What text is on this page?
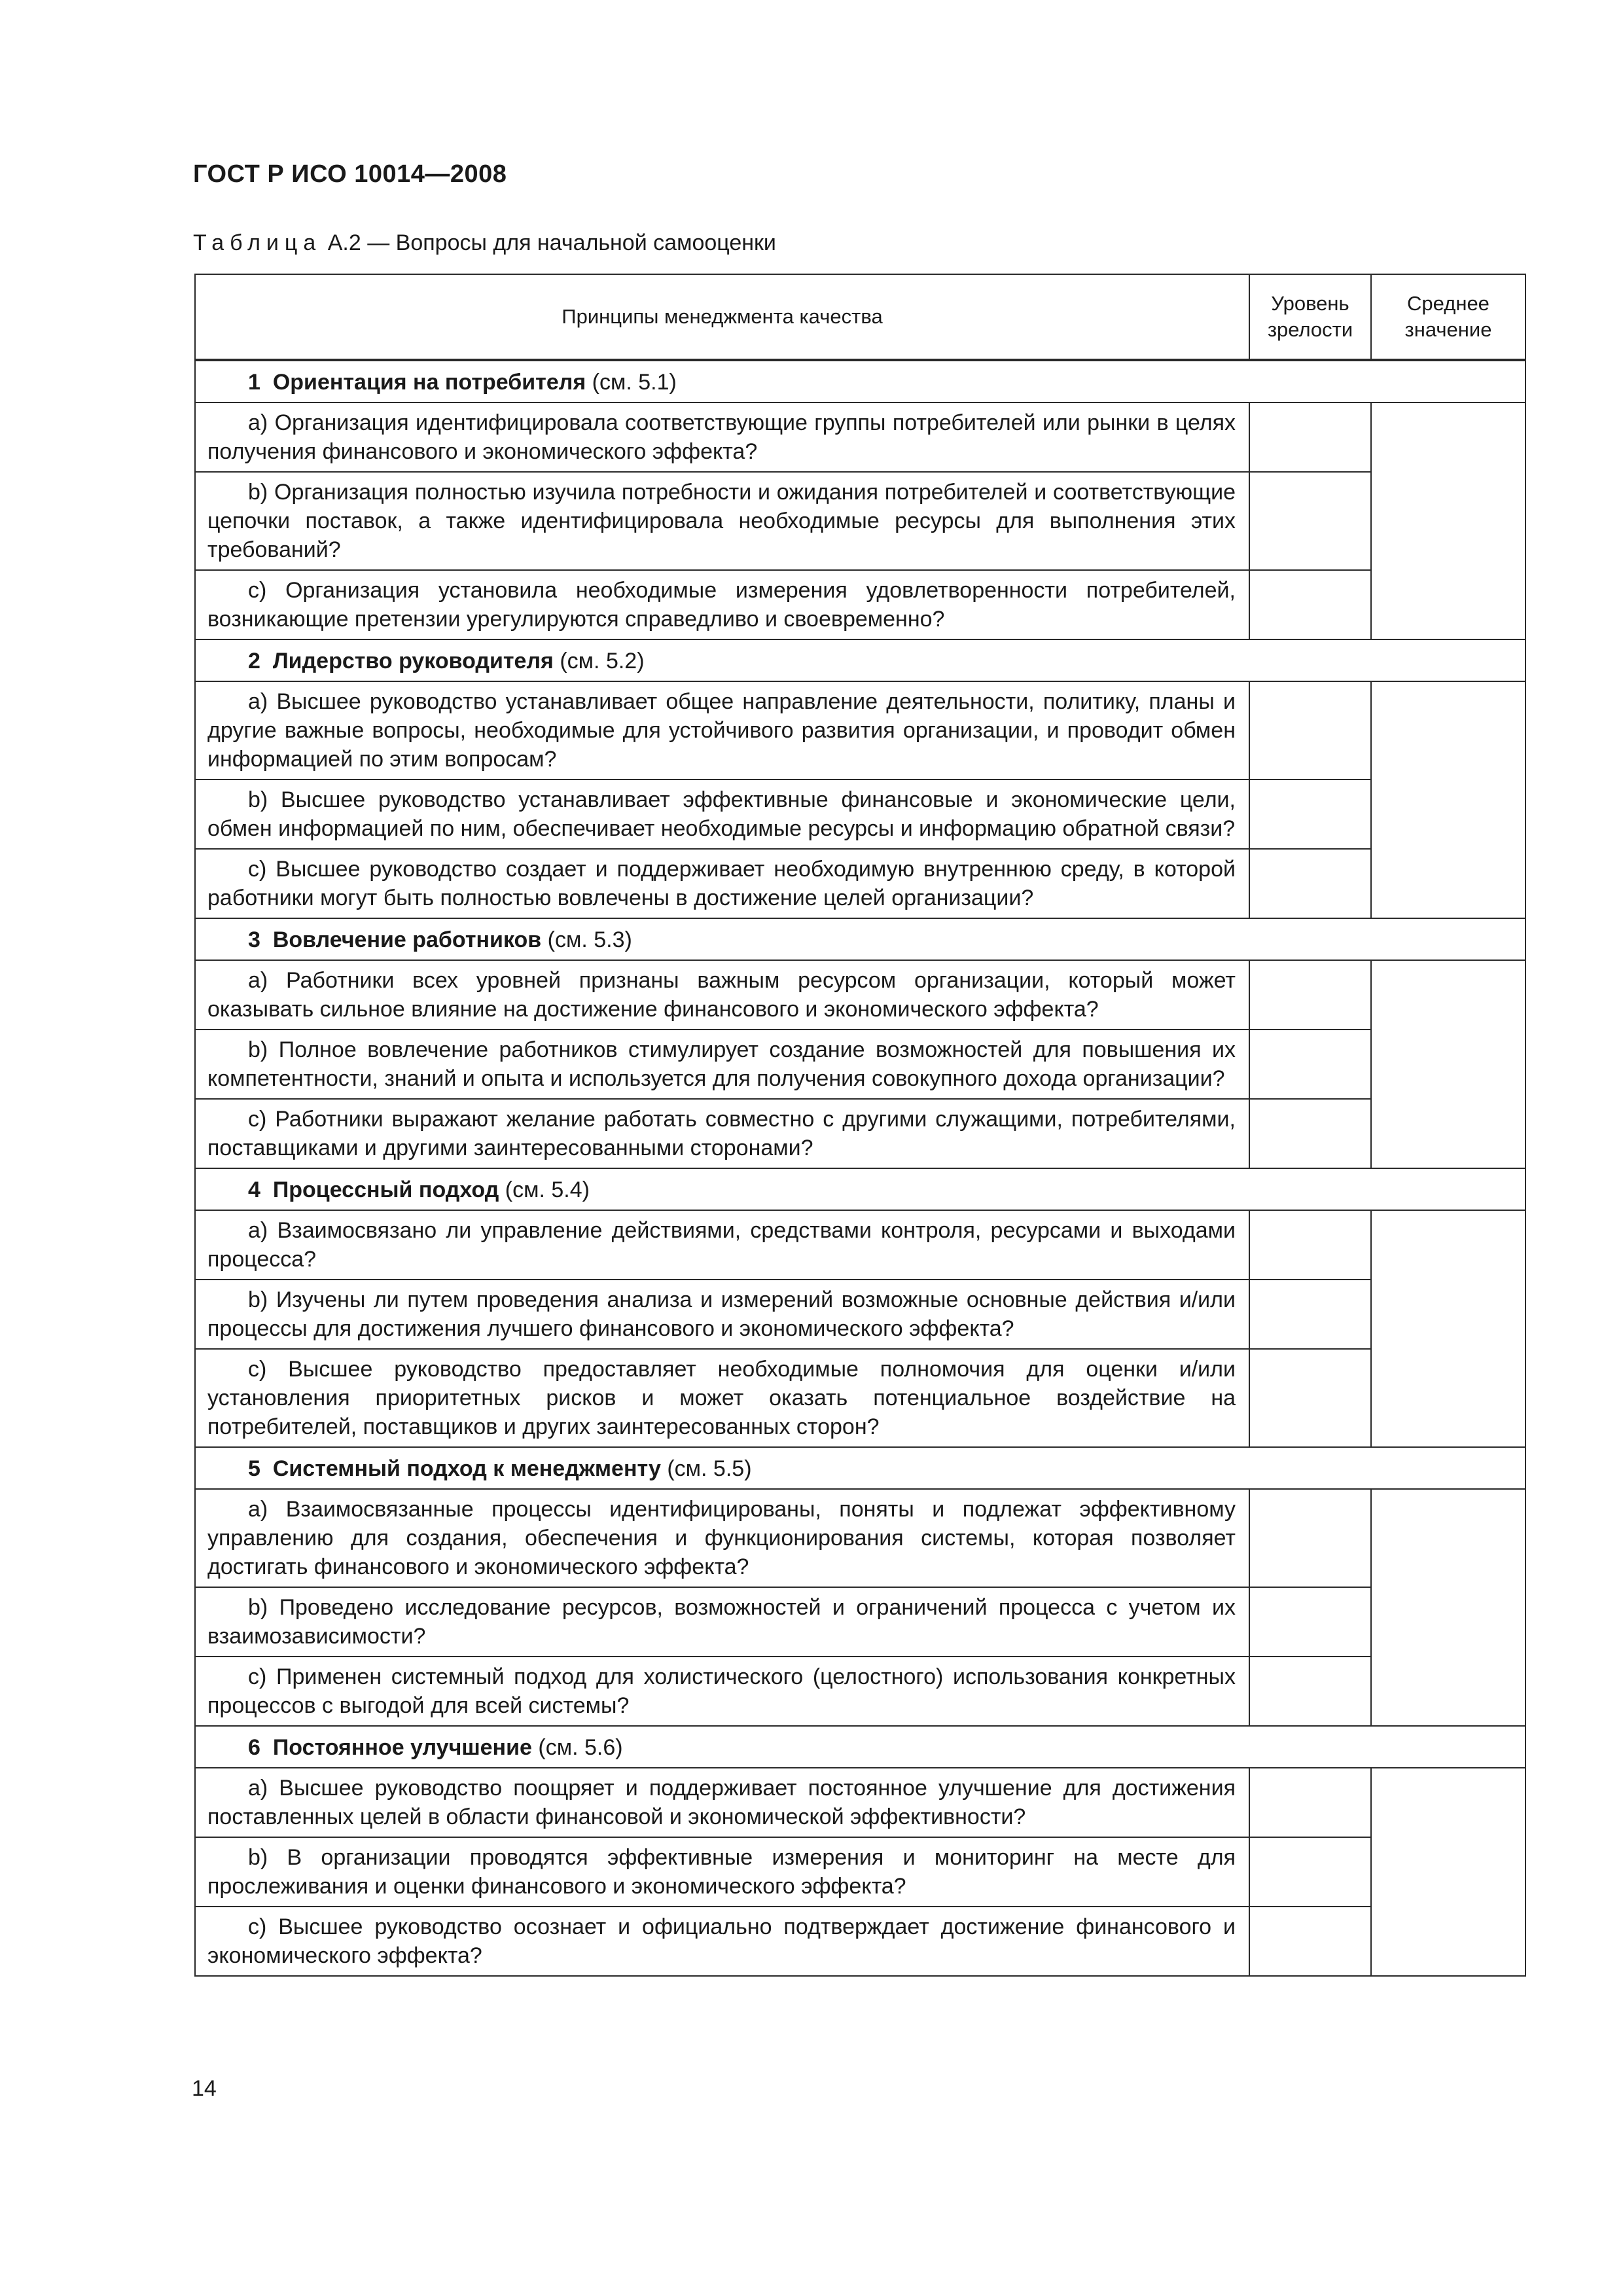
ГОСТ Р ИСО 10014—2008
Таблица А.2 — Вопросы для начальной самооценки
Принципы менеджмента качества	Уровень зрелости	Среднее значение
1 Ориентация на потребителя (см. 5.1)		
a) Организация идентифицировала соответствующие группы потребителей или рынки в целях получения финансового и экономического эффекта?		
b) Организация полностью изучила потребности и ожидания потребителей и соответствующие цепочки поставок, а также идентифицировала необходимые ресурсы для выполнения этих требований?		
c) Организация установила необходимые измерения удовлетворенности потребителей, возникающие претензии урегулируются справедливо и своевременно?		
2 Лидерство руководителя (см. 5.2)		
a) Высшее руководство устанавливает общее направление деятельности, политику, планы и другие важные вопросы, необходимые для устойчивого развития организации, и проводит обмен информацией по этим вопросам?		
b) Высшее руководство устанавливает эффективные финансовые и экономические цели, обмен информацией по ним, обеспечивает необходимые ресурсы и информацию обратной связи?		
c) Высшее руководство создает и поддерживает необходимую внутреннюю среду, в которой работники могут быть полностью вовлечены в достижение целей организации?		
3 Вовлечение работников (см. 5.3)		
a) Работники всех уровней признаны важным ресурсом организации, который может оказывать сильное влияние на достижение финансового и экономического эффекта?		
b) Полное вовлечение работников стимулирует создание возможностей для повышения их компетентности, знаний и опыта и используется для получения совокупного дохода организации?		
c) Работники выражают желание работать совместно с другими служащими, потребителями, поставщиками и другими заинтересованными сторонами?		
4 Процессный подход (см. 5.4)		
a) Взаимосвязано ли управление действиями, средствами контроля, ресурсами и выходами процесса?		
b) Изучены ли путем проведения анализа и измерений возможные основные действия и/или процессы для достижения лучшего финансового и экономического эффекта?		
c) Высшее руководство предоставляет необходимые полномочия для оценки и/или установления приоритетных рисков и может оказать потенциальное воздействие на потребителей, поставщиков и других заинтересованных сторон?		
5 Системный подход к менеджменту (см. 5.5)		
a) Взаимосвязанные процессы идентифицированы, поняты и подлежат эффективному управлению для создания, обеспечения и функционирования системы, которая позволяет достигать финансового и экономического эффекта?		
b) Проведено исследование ресурсов, возможностей и ограничений процесса с учетом их взаимозависимости?		
c) Применен системный подход для холистического (целостного) использования конкретных процессов с выгодой для всей системы?		
6 Постоянное улучшение (см. 5.6)		
a) Высшее руководство поощряет и поддерживает постоянное улучшение для достижения поставленных целей в области финансовой и экономической эффективности?		
b) В организации проводятся эффективные измерения и мониторинг на месте для прослеживания и оценки финансового и экономического эффекта?		
c) Высшее руководство осознает и официально подтверждает достижение финансового и экономического эффекта?		
14
